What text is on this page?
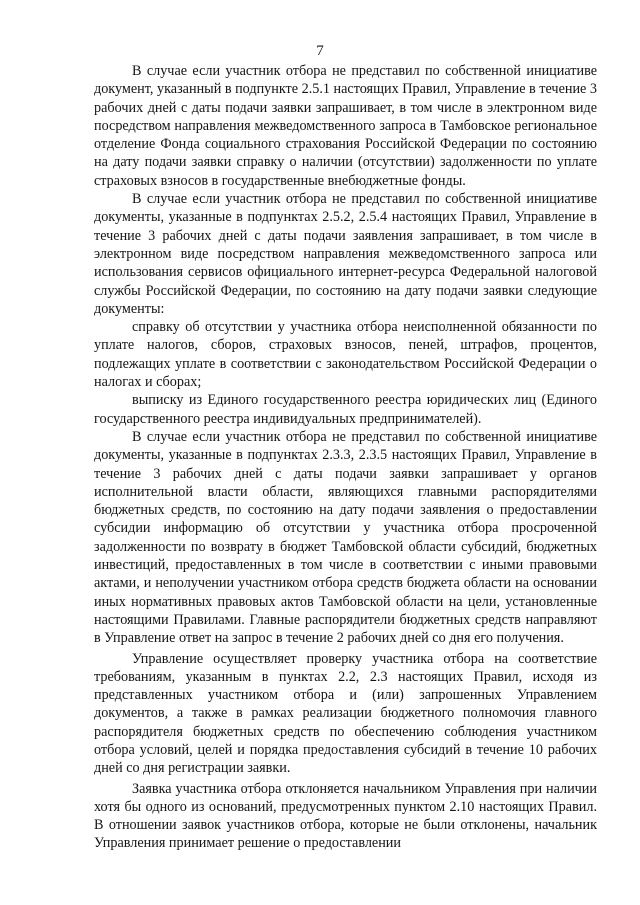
7

В случае если участник отбора не представил по собственной инициативе документ, указанный в подпункте 2.5.1 настоящих Правил, Управление в течение 3 рабочих дней с даты подачи заявки запрашивает, в том числе в электронном виде посредством направления межведомственного запроса в Тамбовское региональное отделение Фонда социального страхования Российской Федерации по состоянию на дату подачи заявки справку о наличии (отсутствии) задолженности по уплате страховых взносов в государственные внебюджетные фонды.

В случае если участник отбора не представил по собственной инициативе документы, указанные в подпунктах 2.5.2, 2.5.4 настоящих Правил, Управление в течение 3 рабочих дней с даты подачи заявления запрашивает, в том числе в электронном виде посредством направления межведомственного запроса или использования сервисов официального интернет-ресурса Федеральной налоговой службы Российской Федерации, по состоянию на дату подачи заявки следующие документы:

справку об отсутствии у участника отбора неисполненной обязанности по уплате налогов, сборов, страховых взносов, пеней, штрафов, процентов, подлежащих уплате в соответствии с законодательством Российской Федерации о налогах и сборах;

выписку из Единого государственного реестра юридических лиц (Единого государственного реестра индивидуальных предпринимателей).

В случае если участник отбора не представил по собственной инициативе документы, указанные в подпунктах 2.3.3, 2.3.5 настоящих Правил, Управление в течение 3 рабочих дней с даты подачи заявки запрашивает у органов исполнительной власти области, являющихся главными распорядителями бюджетных средств, по состоянию на дату подачи заявления о предоставлении субсидии информацию об отсутствии у участника отбора просроченной задолженности по возврату в бюджет Тамбовской области субсидий, бюджетных инвестиций, предоставленных в том числе в соответствии с иными правовыми актами, и неполучении участником отбора средств бюджета области на основании иных нормативных правовых актов Тамбовской области на цели, установленные настоящими Правилами. Главные распорядители бюджетных средств направляют в Управление ответ на запрос в течение 2 рабочих дней со дня его получения.

Управление осуществляет проверку участника отбора на соответствие требованиям, указанным в пунктах 2.2, 2.3 настоящих Правил, исходя из представленных участником отбора и (или) запрошенных Управлением документов, а также в рамках реализации бюджетного полномочия главного распорядителя бюджетных средств по обеспечению соблюдения участником отбора условий, целей и порядка предоставления субсидий в течение 10 рабочих дней со дня регистрации заявки.

Заявка участника отбора отклоняется начальником Управления при наличии хотя бы одного из оснований, предусмотренных пунктом 2.10 настоящих Правил. В отношении заявок участников отбора, которые не были отклонены, начальник Управления принимает решение о предоставлении
